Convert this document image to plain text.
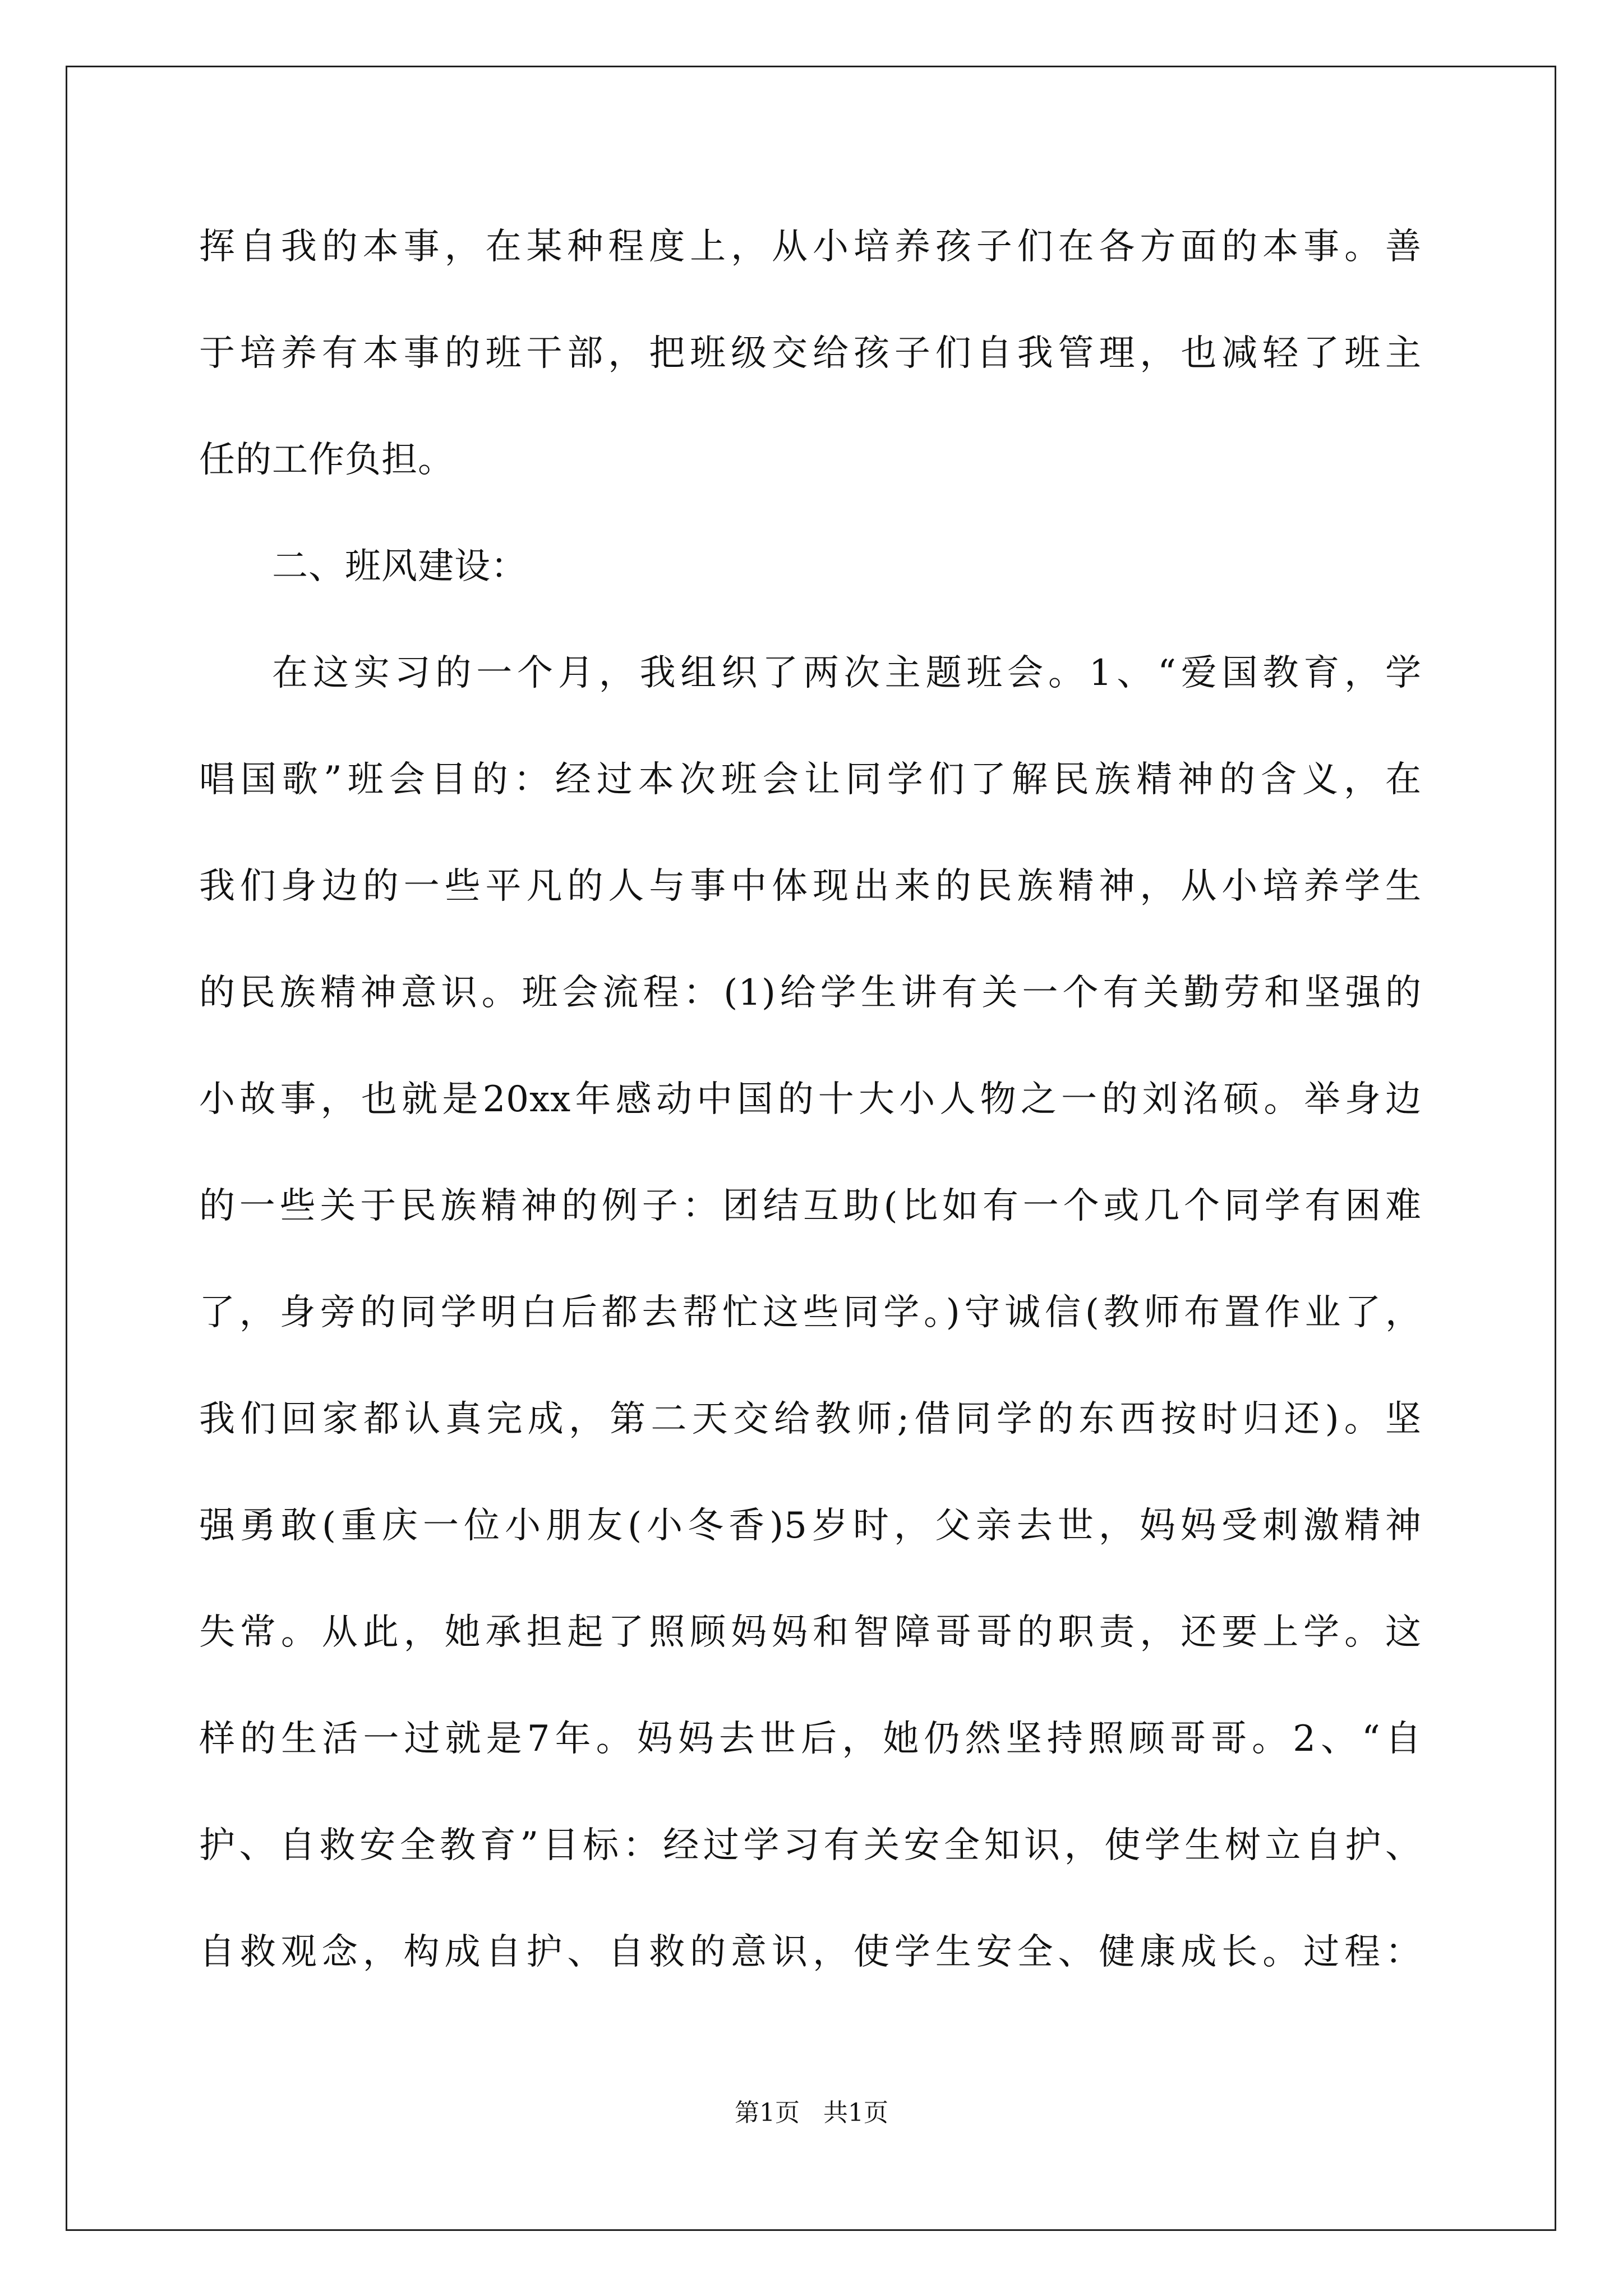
挥自我的本事，在某种程度上，从小培养孩子们在各方面的本事。善
于培养有本事的班干部，把班级交给孩子们自我管理，也减轻了班主
任的工作负担。
二、班风建设：
在这实习的一个月，我组织了两次主题班会。1、“爱国教育，学
唱国歌”班会目的：经过本次班会让同学们了解民族精神的含义，在
我们身边的一些平凡的人与事中体现出来的民族精神，从小培养学生
的民族精神意识。班会流程：(1)给学生讲有关一个有关勤劳和坚强的
小故事，也就是20xx年感动中国的十大小人物之一的刘洺硕。举身边
的一些关于民族精神的例子：团结互助(比如有一个或几个同学有困难
了，身旁的同学明白后都去帮忙这些同学。)守诚信(教师布置作业了，
我们回家都认真完成，第二天交给教师;借同学的东西按时归还)。坚
强勇敢(重庆一位小朋友(小冬香)5岁时，父亲去世，妈妈受刺激精神
失常。从此，她承担起了照顾妈妈和智障哥哥的职责，还要上学。这
样的生活一过就是7年。妈妈去世后，她仍然坚持照顾哥哥。2、“自
护、自救安全教育”目标：经过学习有关安全知识，使学生树立自护、
自救观念，构成自护、自救的意识，使学生安全、健康成长。过程：
第1页   共1页
